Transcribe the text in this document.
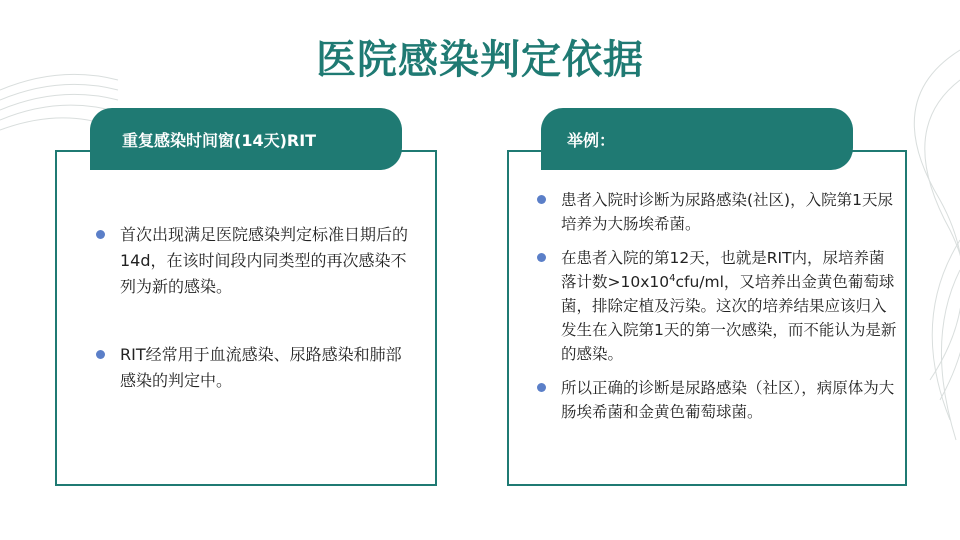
医院感染判定依据
重复感染时间窗(14天)RIT
首次出现满足医院感染判定标准日期后的14d，在该时间段内同类型的再次感染不列为新的感染。
RIT经常用于血流感染、尿路感染和肺部感染的判定中。
举例：
患者入院时诊断为尿路感染(社区)，入院第1天尿培养为大肠埃希菌。
在患者入院的第12天，也就是RIT内，尿培养菌落计数$>10x10^4cfu/ml$，又培养出金黄色葡萄球菌，排除定植及污染。这次的培养结果应该归入发生在入院第1天的第一次感染，而不能认为是新的感染。
所以正确的诊断是尿路感染（社区），病原体为大肠埃希菌和金黄色葡萄球菌。
